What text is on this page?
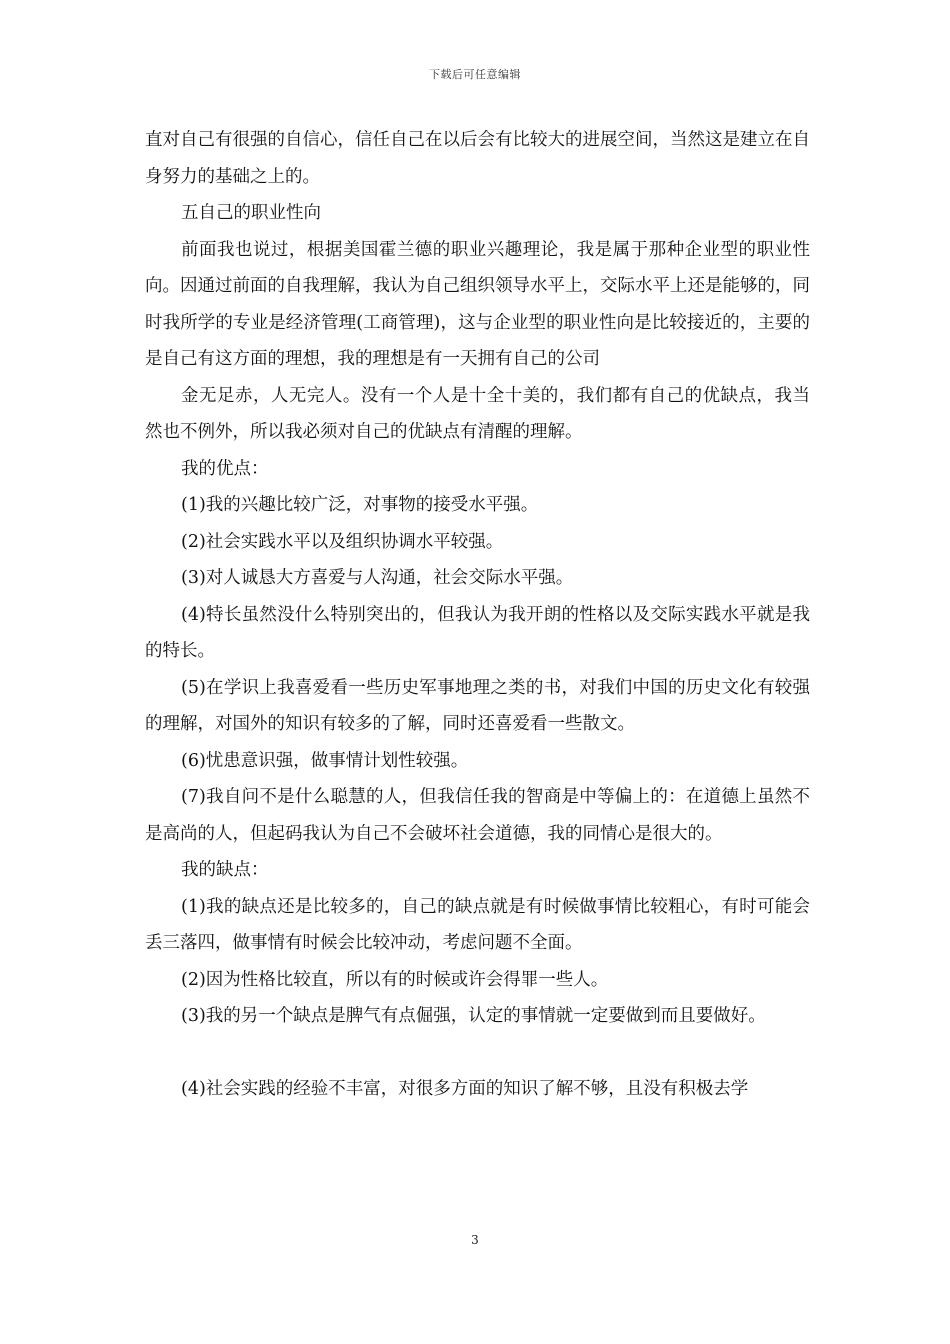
下载后可任意编辑

直对自己有很强的自信心，信任自己在以后会有比较大的进展空间，当然这是建立在自身努力的基础之上的。

五自己的职业性向

前面我也说过，根据美国霍兰德的职业兴趣理论，我是属于那种企业型的职业性向。因通过前面的自我理解，我认为自己组织领导水平上，交际水平上还是能够的，同时我所学的专业是经济管理(工商管理)，这与企业型的职业性向是比较接近的，主要的是自己有这方面的理想，我的理想是有一天拥有自己的公司

金无足赤，人无完人。没有一个人是十全十美的，我们都有自己的优缺点，我当然也不例外，所以我必须对自己的优缺点有清醒的理解。

我的优点：

(1)我的兴趣比较广泛，对事物的接受水平强。

(2)社会实践水平以及组织协调水平较强。

(3)对人诚恳大方喜爱与人沟通，社会交际水平强。

(4)特长虽然没什么特别突出的，但我认为我开朗的性格以及交际实践水平就是我的特长。

(5)在学识上我喜爱看一些历史军事地理之类的书，对我们中国的历史文化有较强的理解，对国外的知识有较多的了解，同时还喜爱看一些散文。

(6)忧患意识强，做事情计划性较强。

(7)我自问不是什么聪慧的人，但我信任我的智商是中等偏上的：在道德上虽然不是高尚的人，但起码我认为自己不会破坏社会道德，我的同情心是很大的。

我的缺点：

(1)我的缺点还是比较多的，自己的缺点就是有时候做事情比较粗心，有时可能会丢三落四，做事情有时候会比较冲动，考虑问题不全面。

(2)因为性格比较直，所以有的时候或许会得罪一些人。

(3)我的另一个缺点是脾气有点倔强，认定的事情就一定要做到而且要做好。

(4)社会实践的经验不丰富，对很多方面的知识了解不够，且没有积极去学

3
